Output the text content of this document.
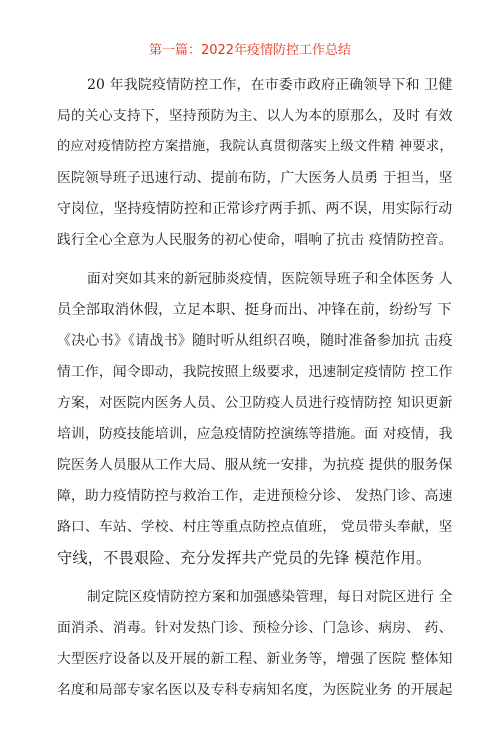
第一篇：2022年疫情防控工作总结
20 年我院疫情防控工作，在市委市政府正确领导下和 卫健
局的关心支持下，坚持预防为主、以人为本的原那么，及时 有效
的应对疫情防控方案措施，我院认真贯彻落实上级文件精 神要求，
医院领导班子迅速行动、提前布防，广大医务人员勇 于担当，坚
守岗位，坚持疫情防控和正常诊疗两手抓、两不误，用实际行动
践行全心全意为人民服务的初心使命，唱响了抗击 疫情防控音。
面对突如其来的新冠肺炎疫情，医院领导班子和全体医务 人
员全部取消休假，立足本职、挺身而出、冲锋在前，纷纷写 下
《决心书》《请战书》随时听从组织召唤，随时准备参加抗 击疫
情工作，闻令即动，我院按照上级要求，迅速制定疫情防 控工作
方案，对医院内医务人员、公卫防疫人员进行疫情防控 知识更新
培训，防疫技能培训，应急疫情防控演练等措施。面 对疫情，我
院医务人员服从工作大局、服从统一安排，为抗疫 提供的服务保
障，助力疫情防控与救治工作，走进预检分诊、 发热门诊、高速
路口、车站、学校、村庄等重点防控点值班， 党员带头奉献，坚
守线，不畏艰险、充分发挥共产党员的先锋 模范作用。
制定院区疫情防控方案和加强感染管理，每日对院区进行 全
面消杀、消毒。针对发热门诊、预检分诊、门急诊、病房、 药、
大型医疗设备以及开展的新工程、新业务等，增强了医院 整体知
名度和局部专家名医以及专科专病知名度，为医院业务 的开展起
